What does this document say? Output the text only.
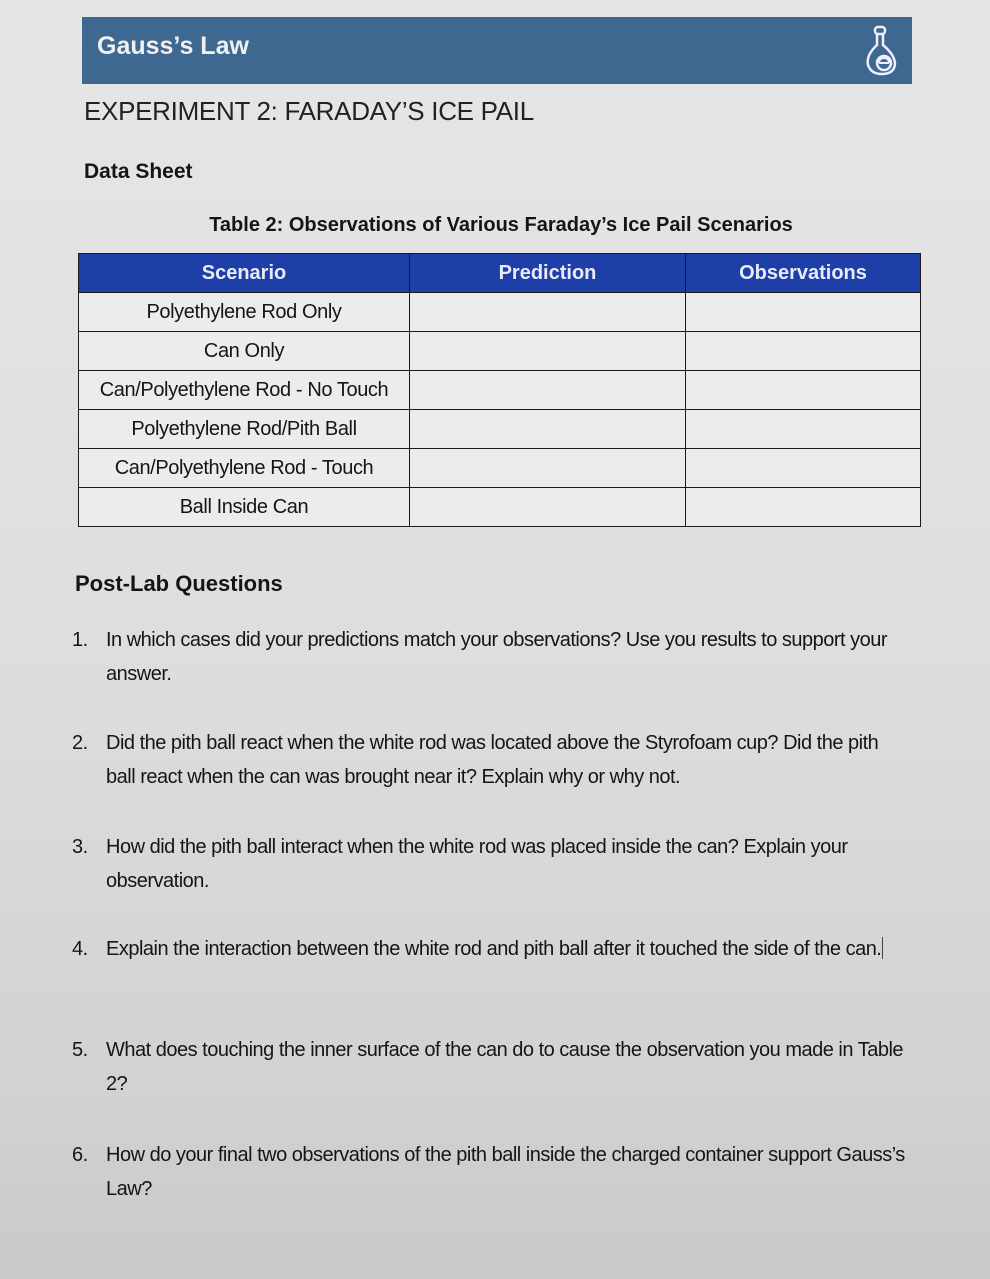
Gauss’s Law
EXPERIMENT 2: FARADAY’S ICE PAIL
Data Sheet
Table 2: Observations of Various Faraday’s Ice Pail Scenarios
Scenario	Prediction	Observations
Polyethylene Rod Only		
Can Only		
Can/Polyethylene Rod - No Touch		
Polyethylene Rod/Pith Ball		
Can/Polyethylene Rod - Touch		
Ball Inside Can		
Post-Lab Questions
1. In which cases did your predictions match your observations? Use you results to support your answer.
2. Did the pith ball react when the white rod was located above the Styrofoam cup? Did the pith ball react when the can was brought near it? Explain why or why not.
3. How did the pith ball interact when the white rod was placed inside the can? Explain your observation.
4. Explain the interaction between the white rod and pith ball after it touched the side of the can.
5. What does touching the inner surface of the can do to cause the observation you made in Table 2?
6. How do your final two observations of the pith ball inside the charged container support Gauss’s Law?
